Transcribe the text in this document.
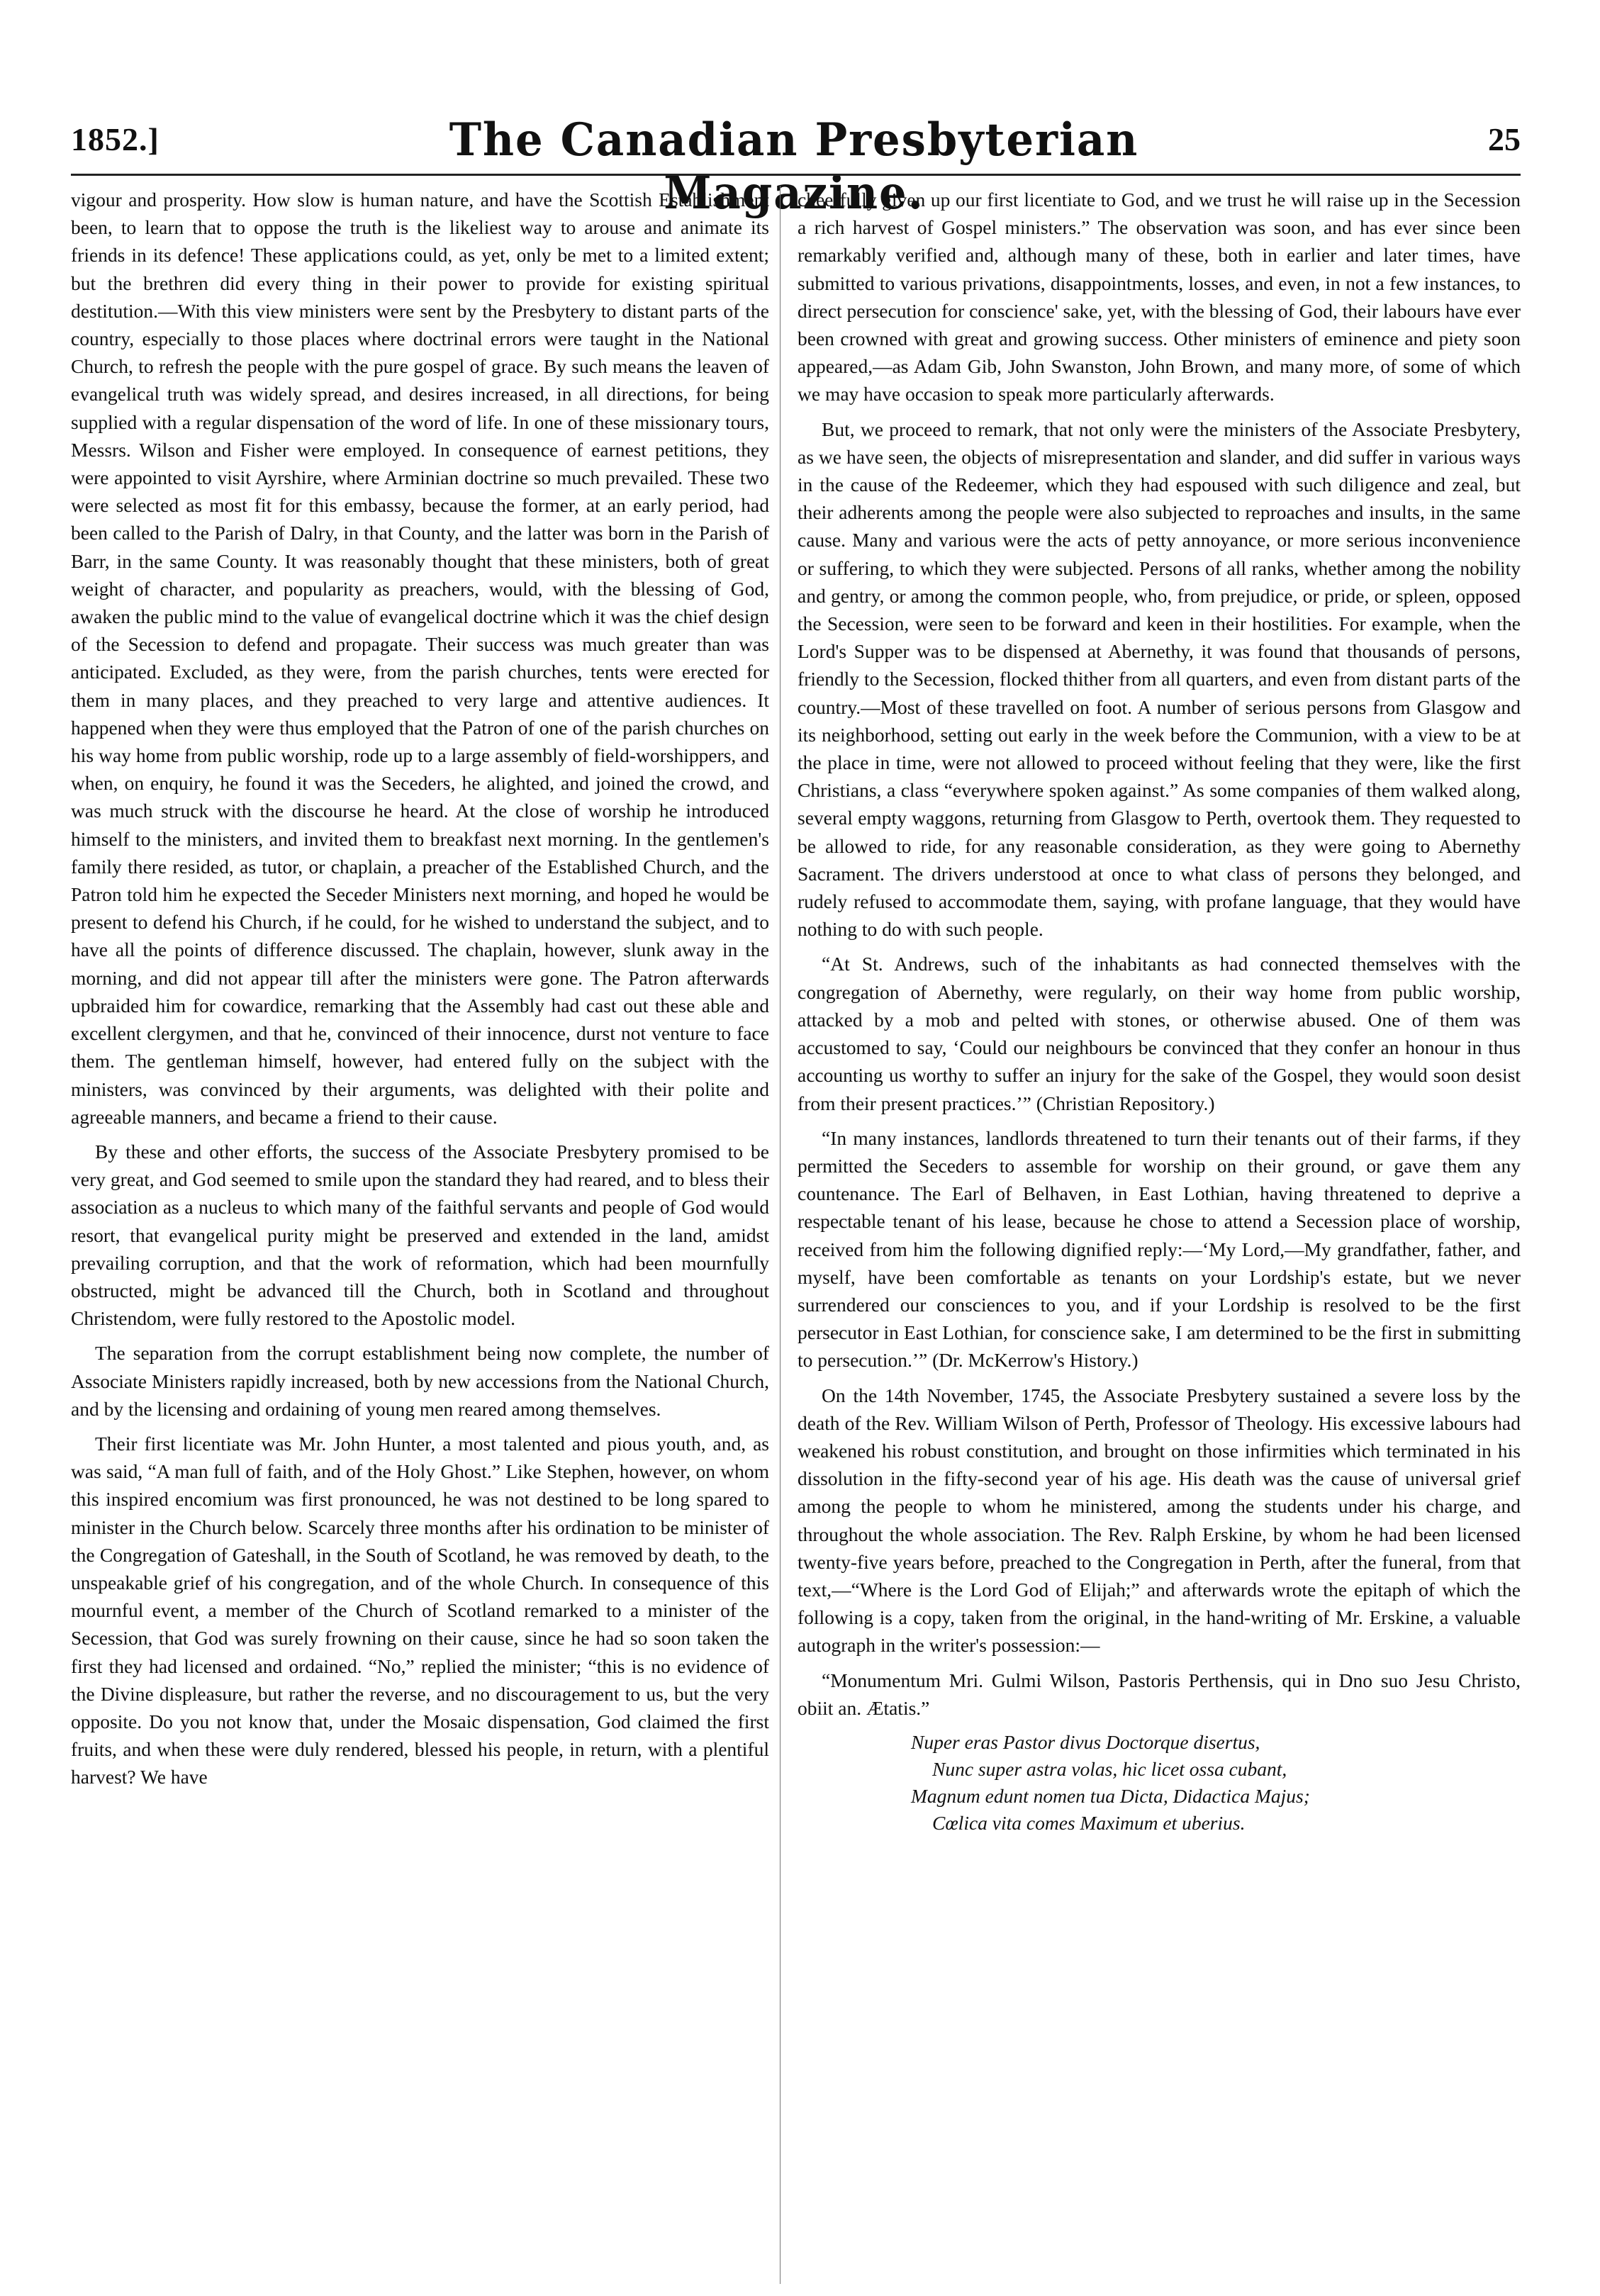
1852.]	The Canadian Presbyterian Magazine.
25

vigour and prosperity. How slow is human nature, and have the Scottish Establishment been, to learn that to oppose the truth is the likeliest way to arouse and animate its friends in its defence! These applications could, as yet, only be met to a limited extent; but the brethren did every thing in their power to provide for existing spiritual destitution.—With this view ministers were sent by the Presbytery to distant parts of the country, especially to those places where doctrinal errors were taught in the National Church, to refresh the people with the pure gospel of grace. By such means the leaven of evangelical truth was widely spread, and desires increased, in all directions, for being supplied with a regular dispensation of the word of life. In one of these missionary tours, Messrs. Wilson and Fisher were employed. In consequence of earnest petitions, they were appointed to visit Ayrshire, where Arminian doctrine so much prevailed. These two were selected as most fit for this embassy, because the former, at an early period, had been called to the Parish of Dalry, in that County, and the latter was born in the Parish of Barr, in the same County. It was reasonably thought that these ministers, both of great weight of character, and popularity as preachers, would, with the blessing of God, awaken the public mind to the value of evangelical doctrine which it was the chief design of the Secession to defend and propagate. Their success was much greater than was anticipated. Excluded, as they were, from the parish churches, tents were erected for them in many places, and they preached to very large and attentive audiences. It happened when they were thus employed that the Patron of one of the parish churches on his way home from public worship, rode up to a large assembly of field-worshippers, and when, on enquiry, he found it was the Seceders, he alighted, and joined the crowd, and was much struck with the discourse he heard. At the close of worship he introduced himself to the ministers, and invited them to breakfast next morning. In the gentlemen's family there resided, as tutor, or chaplain, a preacher of the Established Church, and the Patron told him he expected the Seceder Ministers next morning, and hoped he would be present to defend his Church, if he could, for he wished to understand the subject, and to have all the points of difference discussed. The chaplain, however, slunk away in the morning, and did not appear till after the ministers were gone. The Patron afterwards upbraided him for cowardice, remarking that the Assembly had cast out these able and excellent clergymen, and that he, convinced of their innocence, durst not venture to face them. The gentleman himself, however, had entered fully on the subject with the ministers, was convinced by their arguments, was delighted with their polite and agreeable manners, and became a friend to their cause.

By these and other efforts, the success of the Associate Presbytery promised to be very great, and God seemed to smile upon the standard they had reared, and to bless their association as a nucleus to which many of the faithful servants and people of God would resort, that evangelical purity might be preserved and extended in the land, amidst prevailing corruption, and that the work of reformation, which had been mournfully obstructed, might be advanced till the Church, both in Scotland and throughout Christendom, were fully restored to the Apostolic model.

The separation from the corrupt establishment being now complete, the number of Associate Ministers rapidly increased, both by new accessions from the National Church, and by the licensing and ordaining of young men reared among themselves.

Their first licentiate was Mr. John Hunter, a most talented and pious youth, and, as was said, “A man full of faith, and of the Holy Ghost.” Like Stephen, however, on whom this inspired encomium was first pronounced, he was not destined to be long spared to minister in the Church below. Scarcely three months after his ordination to be minister of the Congregation of Gateshall, in the South of Scotland, he was removed by death, to the unspeakable grief of his congregation, and of the whole Church. In consequence of this mournful event, a member of the Church of Scotland remarked to a minister of the Secession, that God was surely frowning on their cause, since he had so soon taken the first they had licensed and ordained. “No,” replied the minister; “this is no evidence of the Divine displeasure, but rather the reverse, and no discouragement to us, but the very opposite. Do you not know that, under the Mosaic dispensation, God claimed the first fruits, and when these were duly rendered, blessed his people, in return, with a plentiful harvest? We have

cheerfully given up our first licentiate to God, and we trust he will raise up in the Secession a rich harvest of Gospel ministers.” The observation was soon, and has ever since been remarkably verified and, although many of these, both in earlier and later times, have submitted to various privations, disappointments, losses, and even, in not a few instances, to direct persecution for conscience' sake, yet, with the blessing of God, their labours have ever been crowned with great and growing success. Other ministers of eminence and piety soon appeared,—as Adam Gib, John Swanston, John Brown, and many more, of some of which we may have occasion to speak more particularly afterwards.

But, we proceed to remark, that not only were the ministers of the Associate Presbytery, as we have seen, the objects of misrepresentation and slander, and did suffer in various ways in the cause of the Redeemer, which they had espoused with such diligence and zeal, but their adherents among the people were also subjected to reproaches and insults, in the same cause. Many and various were the acts of petty annoyance, or more serious inconvenience or suffering, to which they were subjected. Persons of all ranks, whether among the nobility and gentry, or among the common people, who, from prejudice, or pride, or spleen, opposed the Secession, were seen to be forward and keen in their hostilities. For example, when the Lord's Supper was to be dispensed at Abernethy, it was found that thousands of persons, friendly to the Secession, flocked thither from all quarters, and even from distant parts of the country.—Most of these travelled on foot. A number of serious persons from Glasgow and its neighborhood, setting out early in the week before the Communion, with a view to be at the place in time, were not allowed to proceed without feeling that they were, like the first Christians, a class “everywhere spoken against.” As some companies of them walked along, several empty waggons, returning from Glasgow to Perth, overtook them. They requested to be allowed to ride, for any reasonable consideration, as they were going to Abernethy Sacrament. The drivers understood at once to what class of persons they belonged, and rudely refused to accommodate them, saying, with profane language, that they would have nothing to do with such people.

“At St. Andrews, such of the inhabitants as had connected themselves with the congregation of Abernethy, were regularly, on their way home from public worship, attacked by a mob and pelted with stones, or otherwise abused. One of them was accustomed to say, ‘Could our neighbours be convinced that they confer an honour in thus accounting us worthy to suffer an injury for the sake of the Gospel, they would soon desist from their present practices.’” (Christian Repository.)

“In many instances, landlords threatened to turn their tenants out of their farms, if they permitted the Seceders to assemble for worship on their ground, or gave them any countenance. The Earl of Belhaven, in East Lothian, having threatened to deprive a respectable tenant of his lease, because he chose to attend a Secession place of worship, received from him the following dignified reply:—‘My Lord,—My grandfather, father, and myself, have been comfortable as tenants on your Lordship's estate, but we never surrendered our consciences to you, and if your Lordship is resolved to be the first persecutor in East Lothian, for conscience sake, I am determined to be the first in submitting to persecution.’” (Dr. McKerrow's History.)

On the 14th November, 1745, the Associate Presbytery sustained a severe loss by the death of the Rev. William Wilson of Perth, Professor of Theology. His excessive labours had weakened his robust constitution, and brought on those infirmities which terminated in his dissolution in the fifty-second year of his age. His death was the cause of universal grief among the people to whom he ministered, among the students under his charge, and throughout the whole association. The Rev. Ralph Erskine, by whom he had been licensed twenty-five years before, preached to the Congregation in Perth, after the funeral, from that text,—“Where is the Lord God of Elijah;” and afterwards wrote the epitaph of which the following is a copy, taken from the original, in the hand-writing of Mr. Erskine, a valuable autograph in the writer's possession:—

“Monumentum Mri. Gulmi Wilson, Pastoris Perthensis, qui in Dno suo Jesu Christo, obiit an. Ætatis.”

Nuper eras Pastor divus Doctorque disertus,
Nunc super astra volas, hic licet ossa cubant,
Magnum edunt nomen tua Dicta, Didactica Majus;
Cœlica vita comes Maximum et uberius.
